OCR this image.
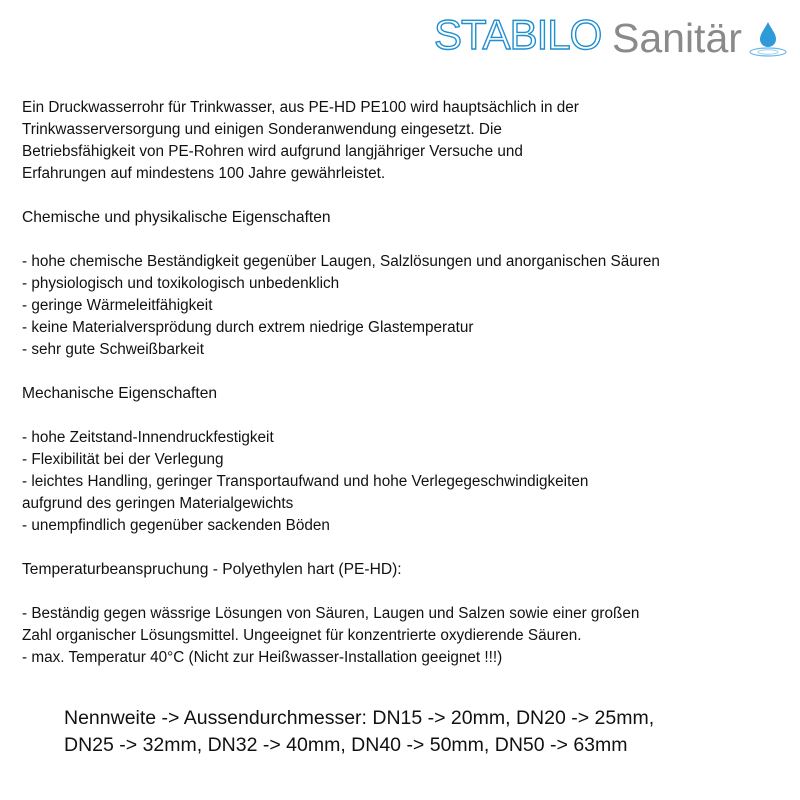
STABILO Sanitär
Ein Druckwasserrohr für Trinkwasser, aus PE-HD PE100 wird hauptsächlich in der
Trinkwasserversorgung und einigen Sonderanwendung eingesetzt. Die
Betriebsfähigkeit von PE-Rohren wird aufgrund langjähriger Versuche und
Erfahrungen auf mindestens 100 Jahre gewährleistet.
Chemische und physikalische Eigenschaften
- hohe chemische Beständigkeit gegenüber Laugen, Salzlösungen und anorganischen Säuren
- physiologisch und toxikologisch unbedenklich
- geringe Wärmeleitfähigkeit
- keine Materialversprödung durch extrem niedrige Glastemperatur
- sehr gute Schweißbarkeit
Mechanische Eigenschaften
- hohe Zeitstand-Innendruckfestigkeit
- Flexibilität bei der Verlegung
- leichtes Handling, geringer Transportaufwand und hohe Verlegegeschwindigkeiten
aufgrund des geringen Materialgewichts
- unempfindlich gegenüber sackenden Böden
Temperaturbeanspruchung - Polyethylen hart (PE-HD):
- Beständig gegen wässrige Lösungen von Säuren, Laugen und Salzen sowie einer großen
Zahl organischer Lösungsmittel. Ungeeignet für konzentrierte oxydierende Säuren.
- max. Temperatur 40°C (Nicht zur Heißwasser-Installation geeignet !!!)
Nennweite -> Aussendurchmesser: DN15 -> 20mm, DN20 -> 25mm,
DN25 -> 32mm, DN32 -> 40mm, DN40 -> 50mm, DN50 -> 63mm
